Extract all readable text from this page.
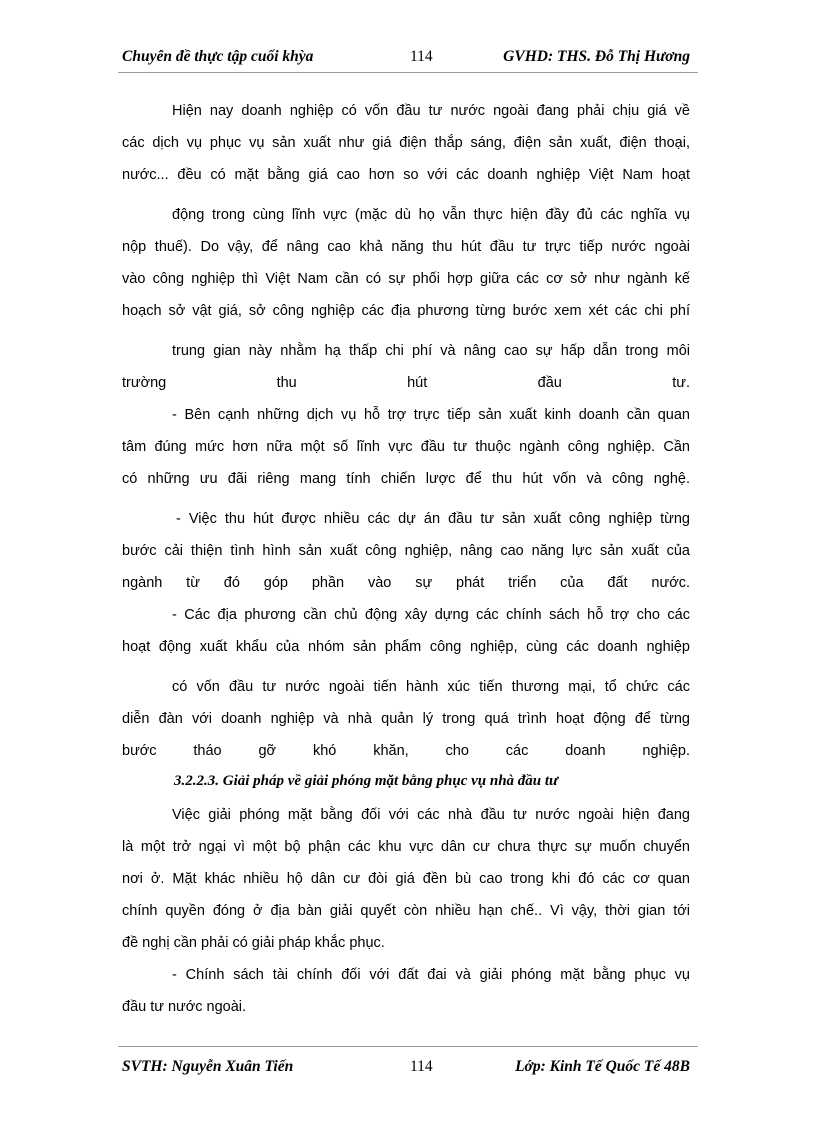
Chuyên đề thực tập cuối khỳa	114	GVHD: THS. Đỗ Thị Hương
Hiện nay doanh nghiệp có vốn đầu tư nước ngoài đang phải chịu giá về
các dịch vụ phục vụ sản xuất như giá điện thắp sáng, điện sản xuất, điện thoại,
nước... đều có mặt bằng giá cao hơn so với các doanh nghiệp Việt Nam hoạt
động trong cùng lĩnh vực (mặc dù họ vẫn thực hiện đầy đủ các nghĩa vụ
nộp thuế). Do vậy, để nâng cao khả năng thu hút đầu tư trực tiếp nước ngoài
vào công nghiệp thì Việt Nam cần có sự phối hợp giữa các cơ sở như ngành kế
hoạch sở vật giá, sở công nghiệp các địa phương từng bước xem xét các chi phí
trung gian này nhằm hạ thấp chi phí và nâng cao sự hấp dẫn trong môi
trường thu hút đầu tư.
- Bên cạnh những dịch vụ hỗ trợ trực tiếp sản xuất kinh doanh cần quan
tâm đúng mức hơn nữa một số lĩnh vực đầu tư thuộc ngành công nghiệp. Cần
có những ưu đãi riêng mang tính chiến lược để thu hút vốn và công nghệ.
- Việc thu hút được nhiều các dự án đầu tư sản xuất công nghiệp từng
bước cải thiện tình hình sản xuất công nghiệp, nâng cao năng lực sản xuất của
ngành từ đó góp phần vào sự phát triển của đất nước.
- Các địa phương cần chủ động xây dựng các chính sách hỗ trợ cho các
hoạt động xuất khẩu của nhóm sản phẩm công nghiệp, cùng các doanh nghiệp
có vốn đầu tư nước ngoài tiến hành xúc tiến thương mại, tổ chức các
diễn đàn với doanh nghiệp và nhà quản lý trong quá trình hoạt động để từng
bước tháo gỡ khó khăn, cho các doanh nghiệp.
3.2.2.3. Giải pháp về giải phóng mặt bằng phục vụ nhà đầu tư
Việc giải phóng mặt bằng đối với các nhà đầu tư nước ngoài hiện đang
là một trở ngại vì một bộ phận các khu vực dân cư chưa thực sự muốn chuyển
nơi ở. Mặt khác nhiều hộ dân cư đòi giá đền bù cao trong khi đó các cơ quan
chính quyền đóng ở địa bàn giải quyết còn nhiều hạn chế.. Vì vậy, thời gian tới
đề nghị cần phải có giải pháp khắc phục.
- Chính sách tài chính đối với đất đai và giải phóng mặt bằng phục vụ
đầu tư nước ngoài.
SVTH: Nguyễn Xuân Tiến	114	Lớp: Kinh Tế Quốc Tế 48B
